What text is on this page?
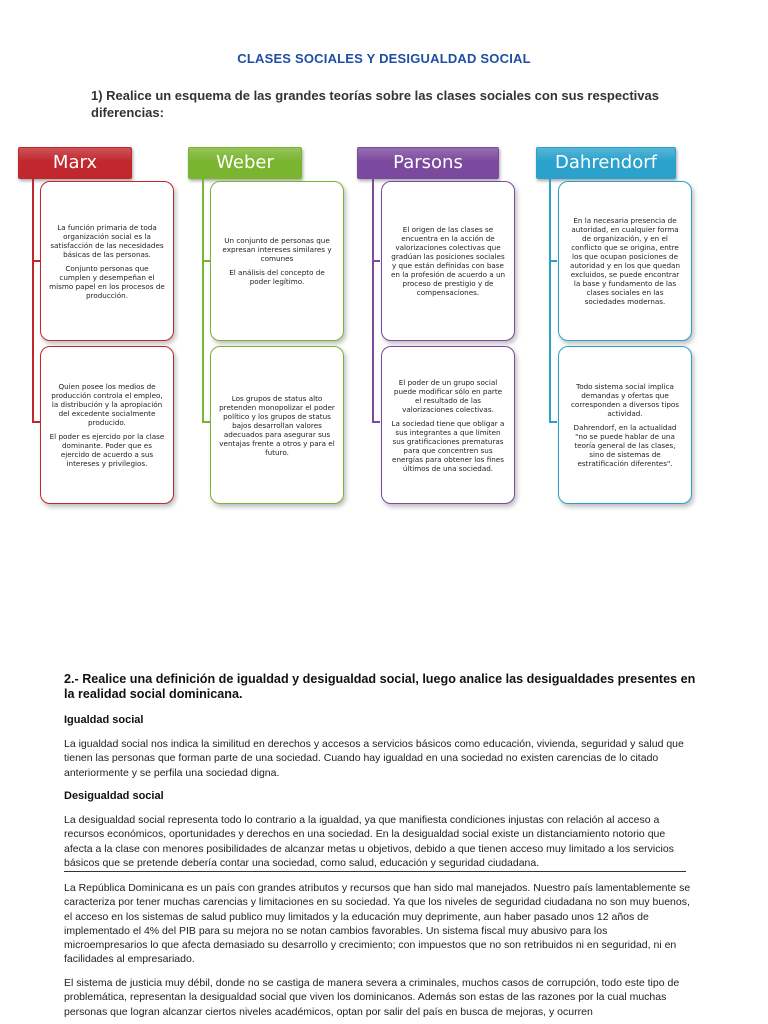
CLASES SOCIALES Y DESIGUALDAD SOCIAL
1) Realice un esquema de las grandes teorías sobre las clases sociales con sus respectivas diferencias:
Marx

La función primaria de toda organización social es la satisfacción de las necesidades básicas de las personas.

Conjunto personas que cumplen y desempeñan el mismo papel en los procesos de producción.

Quien posee los medios de producción controla el empleo, la distribución y la apropiación del excedente socialmente producido.

El poder es ejercido por la clase dominante. Poder que es ejercido de acuerdo a sus intereses y privilegios.

Weber

Un conjunto de personas que expresan intereses similares y comunes

El análisis del concepto de poder legítimo.

Los grupos de status alto pretenden monopolizar el poder político y los grupos de status bajos desarrollan valores adecuados para asegurar sus ventajas frente a otros y para el futuro.

Parsons

El origen de las clases se encuentra en la acción de valorizaciones colectivas que gradúan las posiciones sociales y que están definidas con base en la profesión de acuerdo a un proceso de prestigio y de compensaciones.

El poder de un grupo social puede modificar sólo en parte el resultado de las valorizaciones colectivas.

La sociedad tiene que obligar a sus integrantes a que limiten sus gratificaciones prematuras para que concentren sus energías para obtener los fines últimos de una sociedad.

Dahrendorf

En la necesaria presencia de autoridad, en cualquier forma de organización, y en el conflicto que se origina, entre los que ocupan posiciones de autoridad y en los que quedan excluidos, se puede encontrar la base y fundamento de las clases sociales en las sociedades modernas.

Todo sistema social implica demandas y ofertas que corresponden a diversos tipos actividad.

Dahrendorf, en la actualidad "no se puede hablar de una teoría general de las clases, sino de sistemas de estratificación diferentes".

2.- Realice una definición de igualdad y desigualdad social, luego analice las desigualdades presentes en la realidad social dominicana.
Igualdad social
La igualdad social nos indica la similitud en derechos y accesos a servicios básicos como educación, vivienda, seguridad y salud que tienen las personas que forman parte de una sociedad. Cuando hay igualdad en una sociedad no existen carencias de lo citado anteriormente y se perfila una sociedad digna.
Desigualdad social
La desigualdad social representa todo lo contrario a la igualdad, ya que manifiesta condiciones injustas con relación al acceso a recursos económicos, oportunidades y derechos en una sociedad. En la desigualdad social existe un distanciamiento notorio que afecta a la clase con menores posibilidades de alcanzar metas u objetivos, debido a que tienen acceso muy limitado a los servicios básicos que se pretende debería contar una sociedad, como salud, educación y seguridad ciudadana.
La República Dominicana es un país con grandes atributos y recursos que han sido mal manejados. Nuestro país lamentablemente se caracteriza por tener muchas carencias y limitaciones en su sociedad. Ya que los niveles de seguridad ciudadana no son muy buenos, el acceso en los sistemas de salud publico muy limitados y la educación muy deprimente, aun haber pasado unos 12 años de implementado el 4% del PIB para su mejora no se notan cambios favorables. Un sistema fiscal muy abusivo para los microempresarios lo que afecta demasiado su desarrollo y crecimiento; con impuestos que no son retribuidos ni en seguridad, ni en facilidades al empresariado.
El sistema de justicia muy débil, donde no se castiga de manera severa a criminales, muchos casos de corrupción, todo este tipo de problemática, representan la desigualdad social que viven los dominicanos. Además son estas de las razones por la cual muchas personas que logran alcanzar ciertos niveles académicos, optan por salir del país en busca de mejoras, y ocurren
